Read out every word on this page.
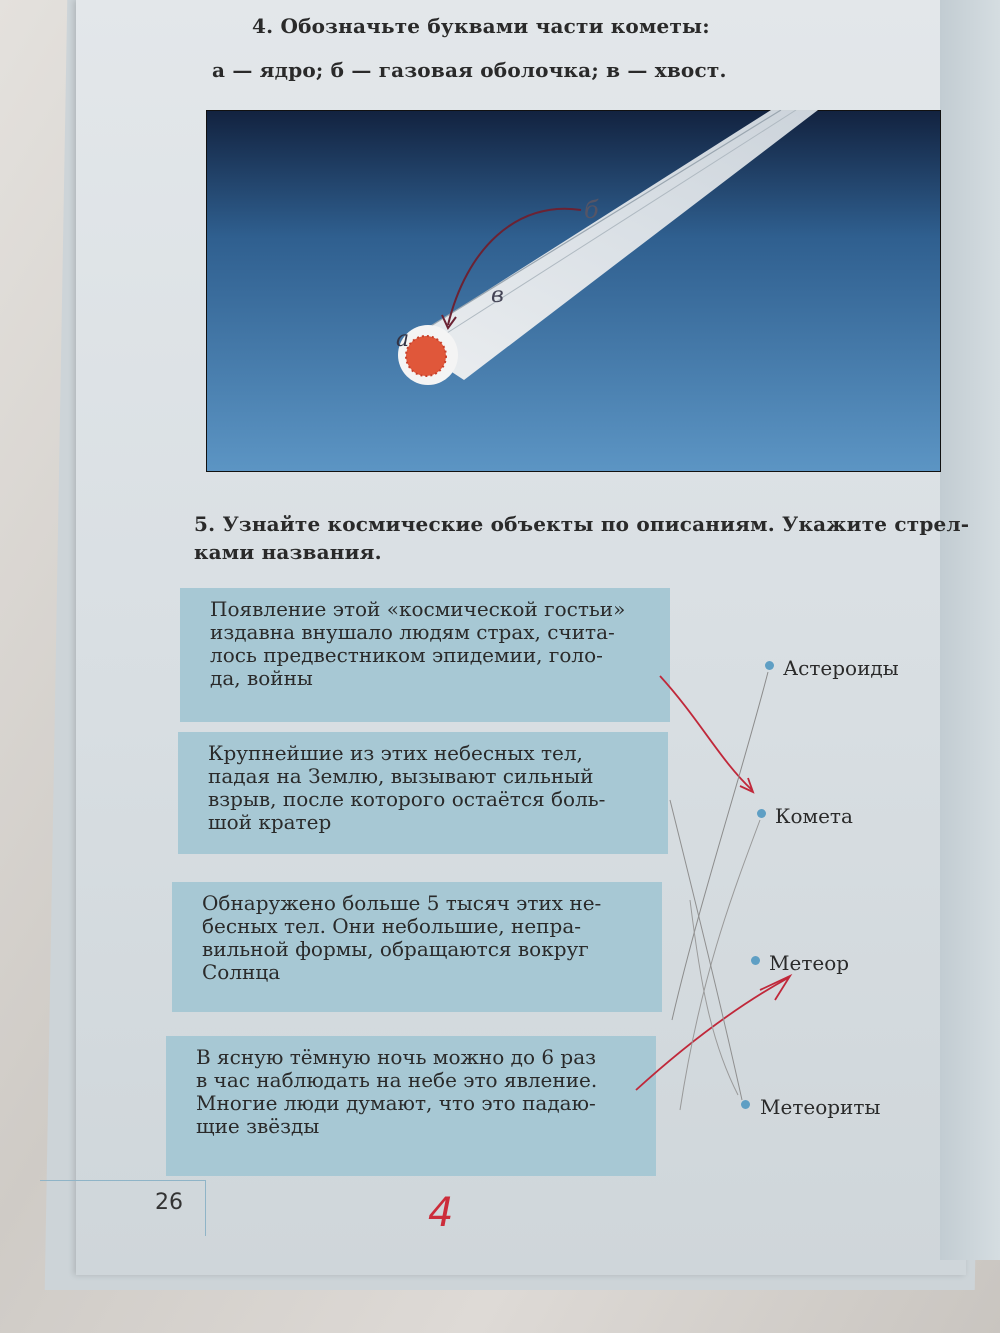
4. Обозначьте буквами части кометы:
а — ядро; б — газовая оболочка; в — хвост.
а
б
в
5. Узнайте космические объекты по описаниям. Укажите стрел-
ками названия.
Появление этой «космической гостьи»
издавна внушало людям страх, счита-
лось предвестником эпидемии, голо-
да, войны
Крупнейшие из этих небесных тел,
падая на Землю, вызывают сильный
взрыв, после которого остаётся боль-
шой кратер
Обнаружено больше 5 тысяч этих не-
бесных тел. Они небольшие, непра-
вильной формы, обращаются вокруг
Солнца
В ясную тёмную ночь можно до 6 раз
в час наблюдать на небе это явление.
Многие люди думают, что это падаю-
щие звёзды
Астероиды
Комета
Метеор
Метеориты
26	4
